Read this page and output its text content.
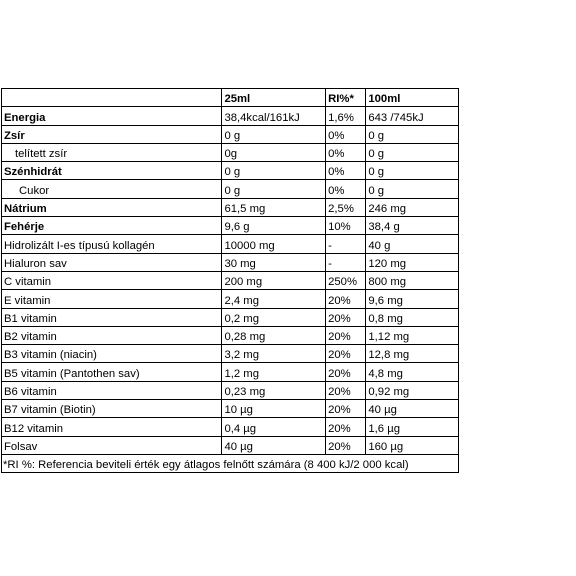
	25ml	RI%*	100ml
Energia	38,4kcal/161kJ	1,6%	643 /745kJ
Zsír	0 g	0%	0 g
telített zsír	0g	0%	0 g
Szénhidrát	0 g	0%	0 g
Cukor	0 g	0%	0 g
Nátrium	61,5 mg	2,5%	246 mg
Fehérje	9,6 g	10%	38,4 g
Hidrolizált I-es típusú kollagén	10000 mg	-	40 g
Hialuron sav	30 mg	-	120 mg
C vitamin	200 mg	250%	800 mg
E vitamin	2,4 mg	20%	9,6 mg
B1 vitamin	0,2 mg	20%	0,8 mg
B2 vitamin	0,28 mg	20%	1,12 mg
B3 vitamin (niacin)	3,2 mg	20%	12,8 mg
B5 vitamin (Pantothen sav)	1,2 mg	20%	4,8 mg
B6 vitamin	0,23 mg	20%	0,92 mg
B7 vitamin (Biotin)	10 µg	20%	40 µg
B12 vitamin	0,4 µg	20%	1,6 µg
Folsav	40 µg	20%	160 µg
*RI %: Referencia beviteli érték egy átlagos felnőtt számára (8 400 kJ/2 000 kcal)			
